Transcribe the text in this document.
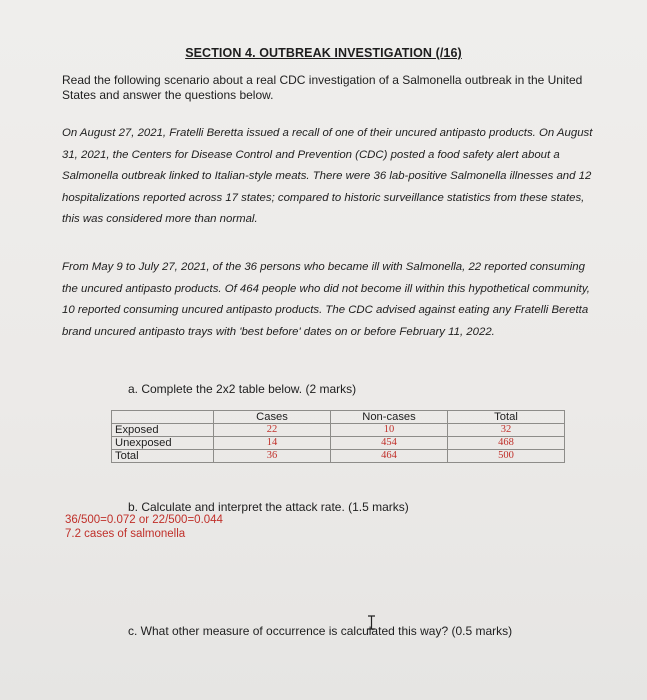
SECTION 4. OUTBREAK INVESTIGATION (/16)
Read the following scenario about a real CDC investigation of a Salmonella outbreak in the United States and answer the questions below.
On August 27, 2021, Fratelli Beretta issued a recall of one of their uncured antipasto products. On August 31, 2021, the Centers for Disease Control and Prevention (CDC) posted a food safety alert about a Salmonella outbreak linked to Italian-style meats. There were 36 lab-positive Salmonella illnesses and 12 hospitalizations reported across 17 states; compared to historic surveillance statistics from these states, this was considered more than normal.
From May 9 to July 27, 2021, of the 36 persons who became ill with Salmonella, 22 reported consuming the uncured antipasto products. Of 464 people who did not become ill within this hypothetical community, 10 reported consuming uncured antipasto products. The CDC advised against eating any Fratelli Beretta brand uncured antipasto trays with 'best before' dates on or before February 11, 2022.
a. Complete the 2x2 table below. (2 marks)
	Cases	Non-cases	Total
Exposed	22	10	32
Unexposed	14	454	468
Total	36	464	500
b. Calculate and interpret the attack rate. (1.5 marks)
36/500=0.072 or 22/500=0.044
7.2 cases of salmonella
c. What other measure of occurrence is calculated this way? (0.5 marks)
